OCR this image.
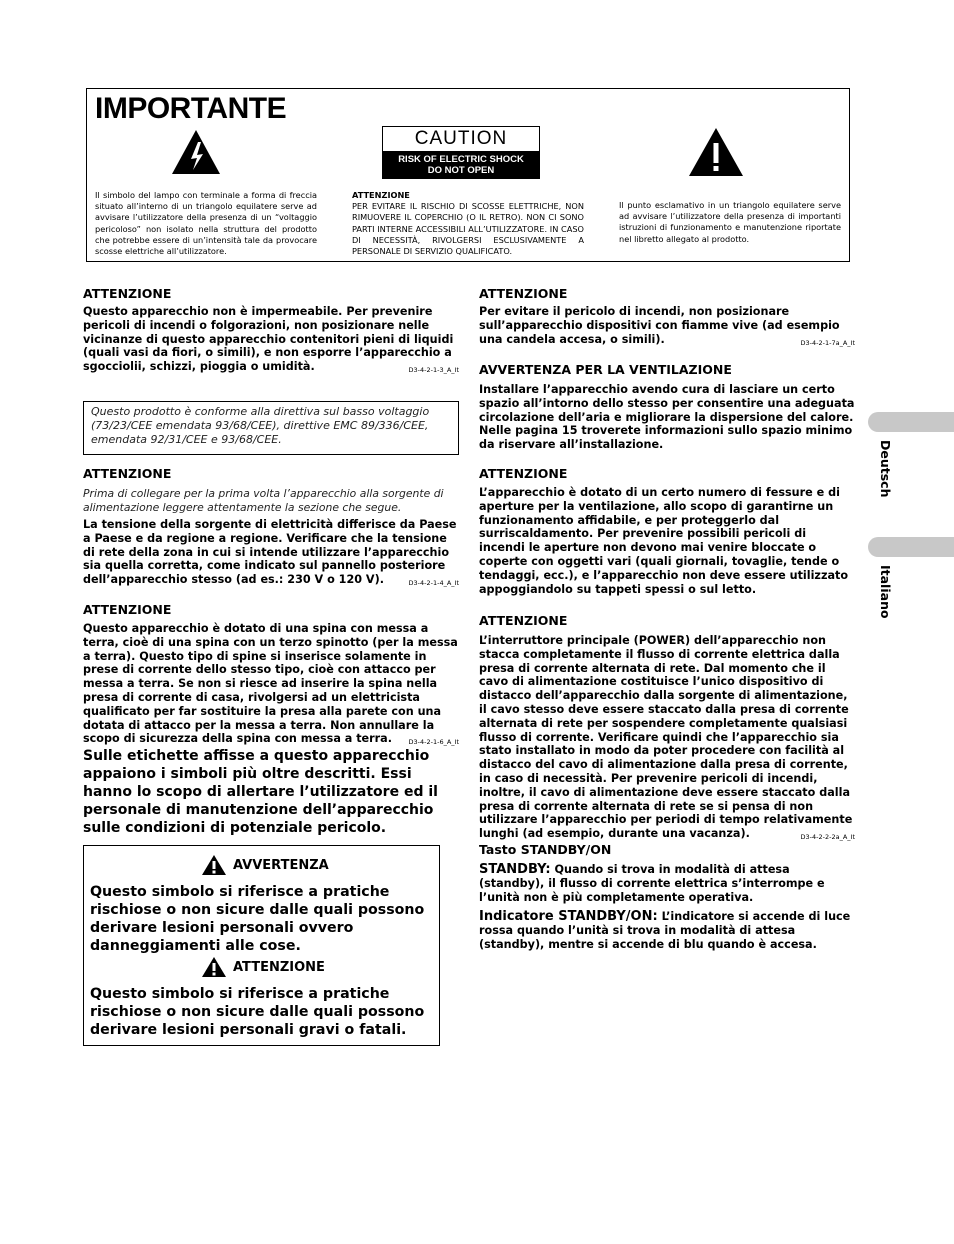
IMPORTANTE
CAUTION
RISK OF ELECTRIC SHOCK
DO NOT OPEN
Il simbolo del lampo con terminale a forma di freccia situato all’interno di un triangolo equilatere serve ad avvisare l’utilizzatore della presenza di un “voltaggio pericoloso” non isolato nella struttura del prodotto che potrebbe essere di un’intensità tale da provocare scosse elettriche all’utilizzatore.
ATTENZIONE
PER EVITARE IL RISCHIO DI SCOSSE ELETTRICHE, NON RIMUOVERE IL COPERCHIO (O IL RETRO). NON CI SONO PARTI INTERNE ACCESSIBILI ALL’UTILIZZATORE. IN CASO DI NECESSITÀ, RIVOLGERSI ESCLUSIVAMENTE A PERSONALE DI SERVIZIO QUALIFICATO.
Il punto esclamativo in un triangolo equilatere serve ad avvisare l’utilizzatore della presenza di importanti istruzioni di funzionamento e manutenzione riportate nel libretto allegato al prodotto.
ATTENZIONE
Questo apparecchio non è impermeabile. Per prevenire pericoli di incendi o folgorazioni, non posizionare nelle vicinanze di questo apparecchio contenitori pieni di liquidi (quali vasi da fiori, o simili), e non esporre l’apparecchio a sgocciolii, schizzi, pioggia o umidità.	D3-4-2-1-3_A_It
Questo prodotto è conforme alla direttiva sul basso voltaggio (73/23/CEE emendata 93/68/CEE), direttive EMC 89/336/CEE, emendata 92/31/CEE e 93/68/CEE.
ATTENZIONE
Prima di collegare per la prima volta l’apparecchio alla sorgente di alimentazione leggere attentamente la sezione che segue.
La tensione della sorgente di elettricità differisce da Paese a Paese e da regione a regione. Verificare che la tensione di rete della zona in cui si intende utilizzare l’apparecchio sia quella corretta, come indicato sul pannello posteriore dell’apparecchio stesso (ad es.: 230 V o 120 V).	D3-4-2-1-4_A_It
ATTENZIONE
Questo apparecchio è dotato di una spina con messa a terra, cioè di una spina con un terzo spinotto (per la messa a terra). Questo tipo di spine si inserisce solamente in prese di corrente dello stesso tipo, cioè con attacco per messa a terra. Se non si riesce ad inserire la spina nella presa di corrente di casa, rivolgersi ad un elettricista qualificato per far sostituire la presa alla parete con una dotata di attacco per la messa a terra. Non annullare la scopo di sicurezza della spina con messa a terra.	D3-4-2-1-6_A_It
Sulle etichette affisse a questo apparecchio appaiono i simboli più oltre descritti. Essi hanno lo scopo di allertare l’utilizzatore ed il personale di manutenzione dell’apparecchio sulle condizioni di potenziale pericolo.
AVVERTENZA
Questo simbolo si riferisce a pratiche rischiose o non sicure dalle quali possono derivare lesioni personali ovvero danneggiamenti alle cose.
ATTENZIONE
Questo simbolo si riferisce a pratiche rischiose o non sicure dalle quali possono derivare lesioni personali gravi o fatali.
ATTENZIONE
Per evitare il pericolo di incendi, non posizionare sull’apparecchio dispositivi con fiamme vive (ad esempio una candela accesa, o simili).	D3-4-2-1-7a_A_It
AVVERTENZA PER LA VENTILAZIONE
Installare l’apparecchio avendo cura di lasciare un certo spazio all’intorno dello stesso per consentire una adeguata circolazione dell’aria e migliorare la dispersione del calore. Nelle pagina 15 troverete informazioni sullo spazio minimo da riservare all’installazione.
ATTENZIONE
L’apparecchio è dotato di un certo numero di fessure e di aperture per la ventilazione, allo scopo di garantirne un funzionamento affidabile, e per proteggerlo dal surriscaldamento. Per prevenire possibili pericoli di incendi le aperture non devono mai venire bloccate o coperte con oggetti vari (quali giornali, tovaglie, tende o tendaggi, ecc.), e l’apparecchio non deve essere utilizzato appoggiandolo su tappeti spessi o sul letto.
ATTENZIONE
L’interruttore principale (POWER) dell’apparecchio non stacca completamente il flusso di corrente elettrica dalla presa di corrente alternata di rete. Dal momento che il cavo di alimentazione costituisce l’unico dispositivo di distacco dell’apparecchio dalla sorgente di alimentazione, il cavo stesso deve essere staccato dalla presa di corrente alternata di rete per sospendere completamente qualsiasi flusso di corrente. Verificare quindi che l’apparecchio sia stato installato in modo da poter procedere con facilità al distacco del cavo di alimentazione dalla presa di corrente, in caso di necessità. Per prevenire pericoli di incendi, inoltre, il cavo di alimentazione deve essere staccato dalla presa di corrente alternata di rete se si pensa di non utilizzare l’apparecchio per periodi di tempo relativamente lunghi (ad esempio, durante una vacanza).	D3-4-2-2-2a_A_It
Tasto STANDBY/ON
STANDBY: Quando si trova in modalità di attesa (standby), il flusso di corrente elettrica s’interrompe e l’unità non è più completamente operativa.
Indicatore STANDBY/ON: L’indicatore si accende di luce rossa quando l’unità si trova in modalità di attesa (standby), mentre si accende di blu quando è accesa.
Deutsch
Italiano
